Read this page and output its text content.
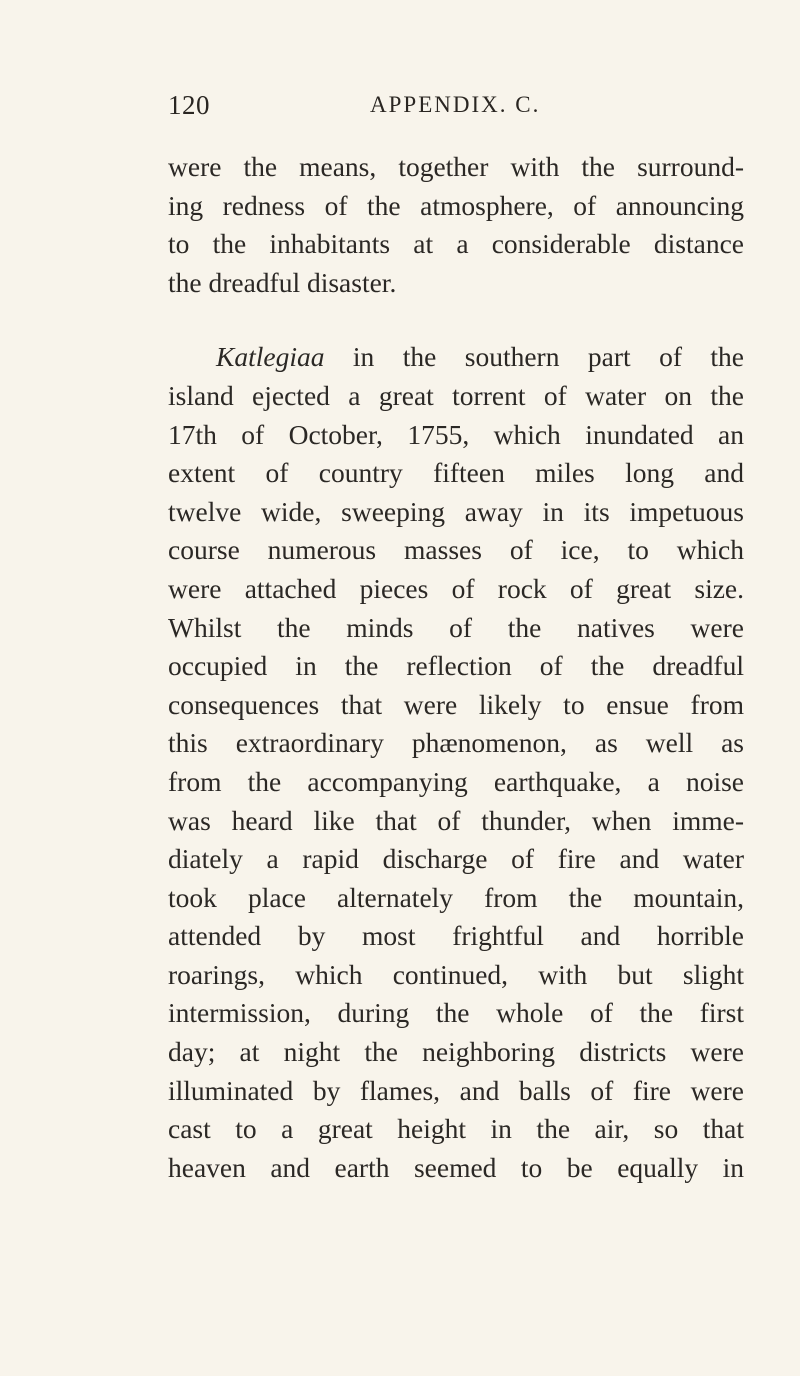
120	APPENDIX. C.
were the means, together with the surround-
ing redness of the atmosphere, of announcing
to the inhabitants at a considerable distance
the dreadful disaster.
Katlegiaa in the southern part of the
island ejected a great torrent of water on the
17th of October, 1755, which inundated an
extent of country fifteen miles long and
twelve wide, sweeping away in its impetuous
course numerous masses of ice, to which
were attached pieces of rock of great size.
Whilst the minds of the natives were
occupied in the reflection of the dreadful
consequences that were likely to ensue from
this extraordinary phænomenon, as well as
from the accompanying earthquake, a noise
was heard like that of thunder, when imme-
diately a rapid discharge of fire and water
took place alternately from the mountain,
attended by most frightful and horrible
roarings, which continued, with but slight
intermission, during the whole of the first
day; at night the neighboring districts were
illuminated by flames, and balls of fire were
cast to a great height in the air, so that
heaven and earth seemed to be equally in
